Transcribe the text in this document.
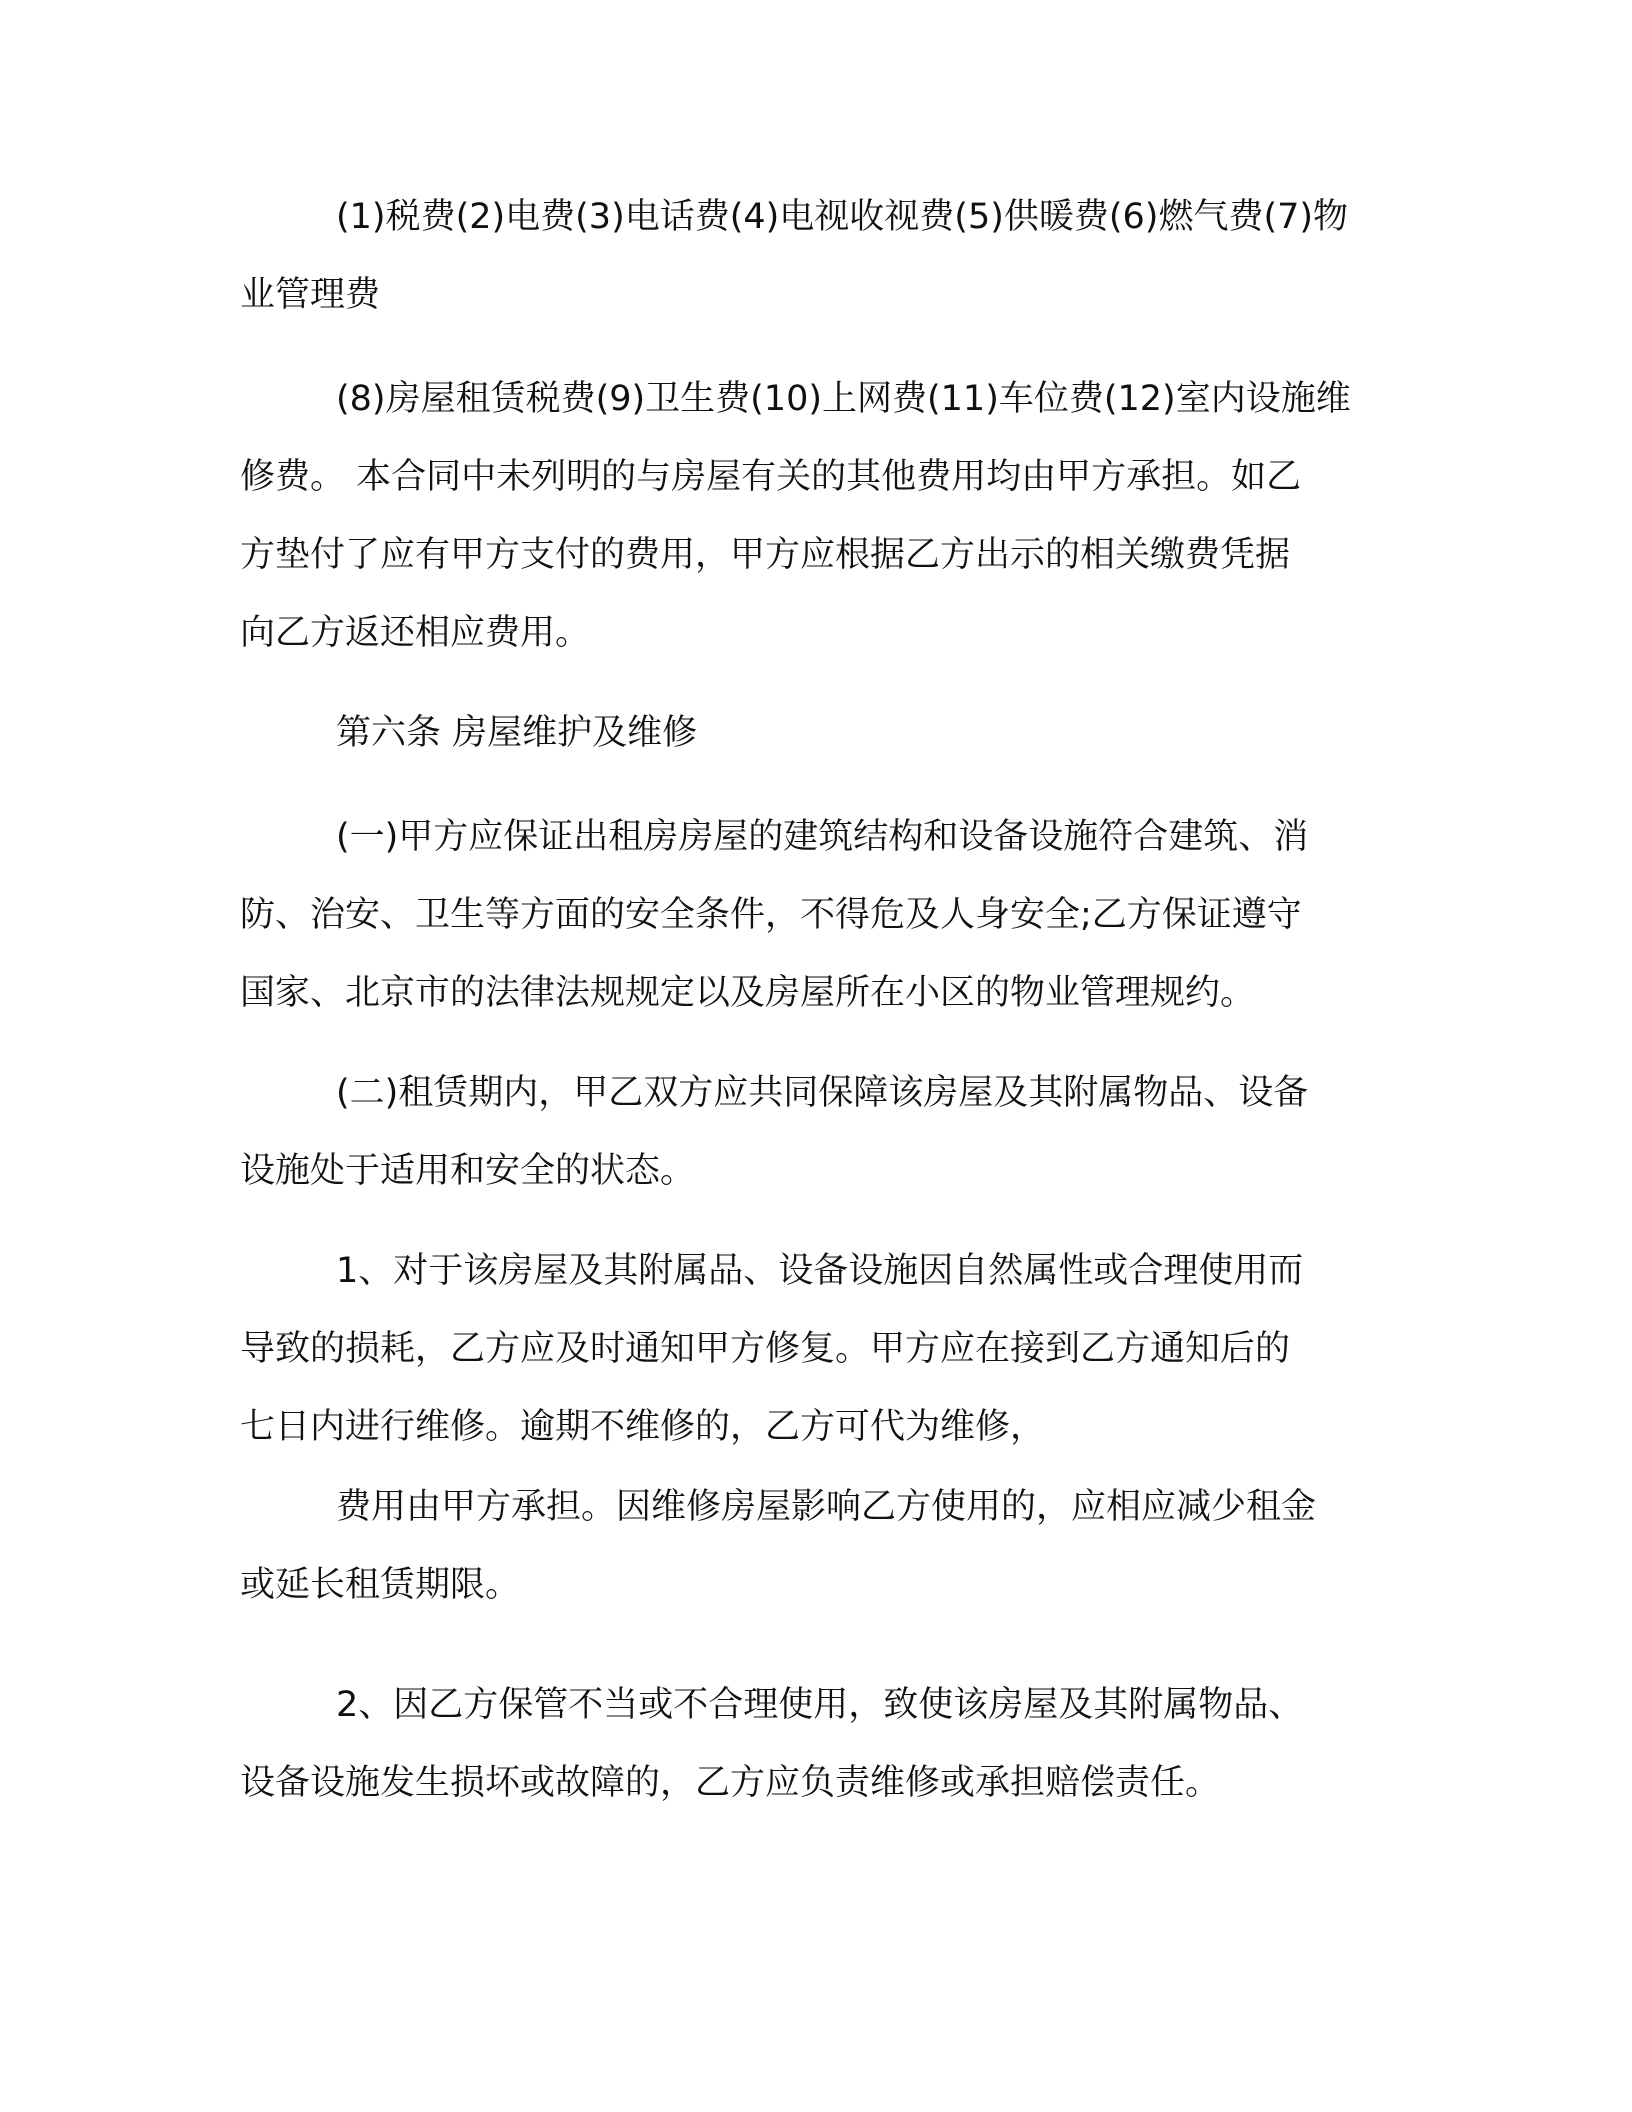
(1)税费(2)电费(3)电话费(4)电视收视费(5)供暖费(6)燃气费(7)物
业管理费
(8)房屋租赁税费(9)卫生费(10)上网费(11)车位费(12)室内设施维
修费。 本合同中未列明的与房屋有关的其他费用均由甲方承担。如乙
方垫付了应有甲方支付的费用，甲方应根据乙方出示的相关缴费凭据
向乙方返还相应费用。
第六条 房屋维护及维修
(一)甲方应保证出租房房屋的建筑结构和设备设施符合建筑、消
防、治安、卫生等方面的安全条件，不得危及人身安全;乙方保证遵守
国家、北京市的法律法规规定以及房屋所在小区的物业管理规约。
(二)租赁期内，甲乙双方应共同保障该房屋及其附属物品、设备
设施处于适用和安全的状态。
1、对于该房屋及其附属品、设备设施因自然属性或合理使用而
导致的损耗，乙方应及时通知甲方修复。甲方应在接到乙方通知后的
七日内进行维修。逾期不维修的，乙方可代为维修，
费用由甲方承担。因维修房屋影响乙方使用的，应相应减少租金
或延长租赁期限。
2、因乙方保管不当或不合理使用，致使该房屋及其附属物品、
设备设施发生损坏或故障的，乙方应负责维修或承担赔偿责任。
